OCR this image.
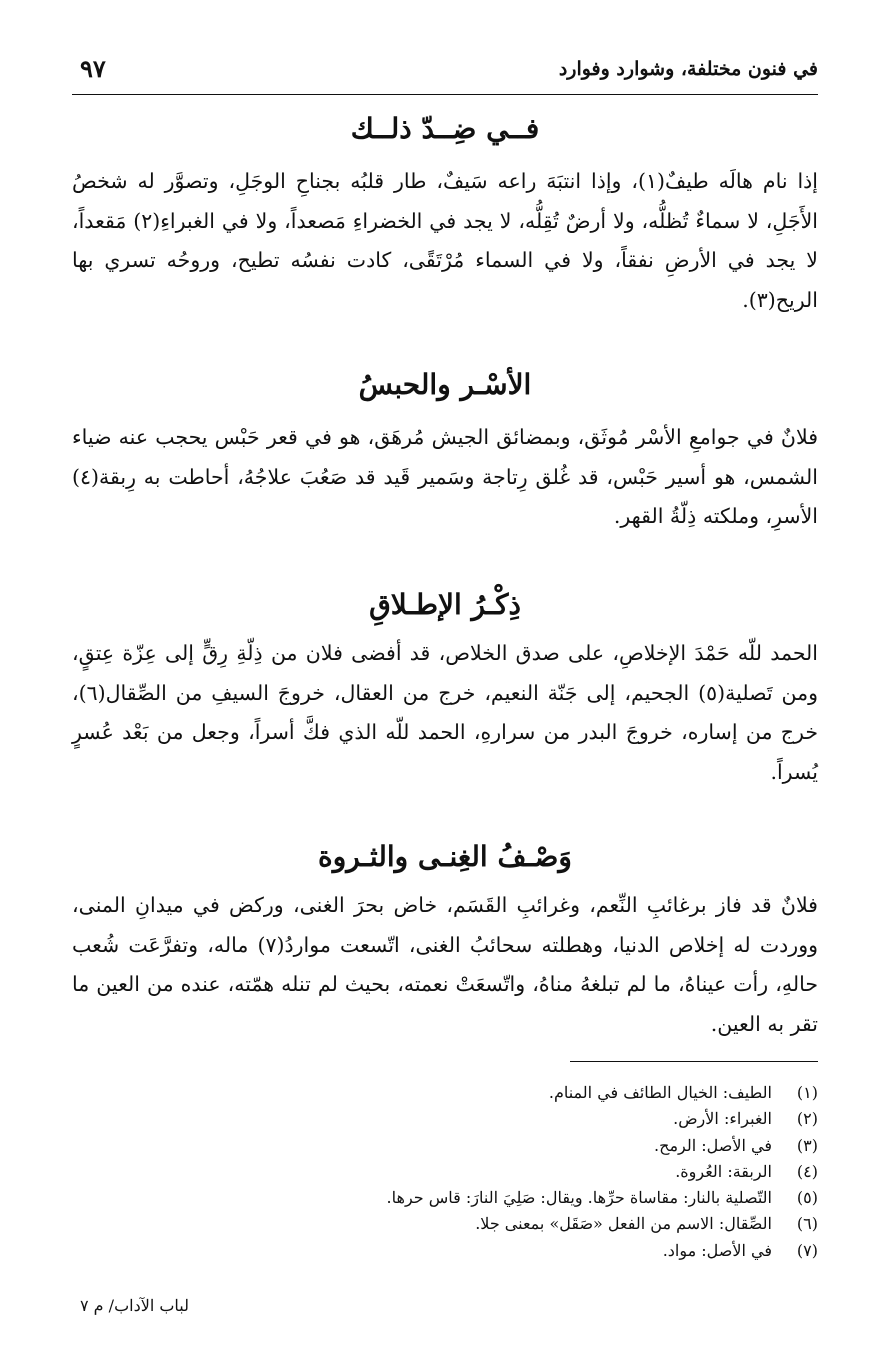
في فنون مختلفة، وشوارد وفوارد
٩٧
فــي ضِــدّ ذلــك

إذا نام هالَه طيفٌ(١)، وإذا انتبَهَ راعه سَيفٌ، طار قلبُه بجناحِ الوجَلِ، وتصوَّر له شخصُ الأَجَلِ، لا سماءٌ تُظلُّه، ولا أرضٌ تُقِلُّه، لا يجد في الخضراءِ مَصعداً، ولا في الغبراءِ(٢) مَقعداً، لا يجد في الأرضِ نفقاً، ولا في السماء مُرْتَقًى، كادت نفسُه تطيح، وروحُه تسري بها الريح(٣).

الأسْـر والحبسُ

فلانٌ في جوامعِ الأسْر مُوثَق، وبمضائق الجيش مُرهَق، هو في قعر حَبْس يحجب عنه ضياء الشمس، هو أسير حَبْس، قد غُلق رِتاجة وسَمير قَيد قد صَعُبَ علاجُهُ، أحاطت به رِبقة(٤) الأسرِ، وملكته ذِلّةُ القهر.

ذِكْـرُ الإطـلاقِ

الحمد للّه حَمْدَ الإخلاصِ، على صدق الخلاص، قد أفضى فلان من ذِلّةِ رِقٍّ إلى عِزّة عِتقٍ، ومن تَصلية(٥) الجحيم، إلى جَنّة النعيم، خرج من العقال، خروجَ السيفِ من الصِّقال(٦)، خرج من إساره، خروجَ البدر من سرارهِ، الحمد للّه الذي فكَّ أسراً، وجعل من بَعْد عُسرٍ يُسراً.

وَصْـفُ الغِنـى والثـروة

فلانٌ قد فاز برغائبِ النِّعم، وغرائبِ القَسَم، خاض بحرَ الغنى، وركض في ميدانِ المنى، ووردت له إخلاص الدنيا، وهطلته سحائبُ الغنى، اتّسعت مواردُ(٧) ماله، وتفرَّعَت شُعب حالهِ، رأت عيناهُ، ما لم تبلغهُ مناهُ، واتّسعَتْ نعمته، بحيث لم تنله همّته، عنده من العين ما تقر به العين.

(١)
الطيف: الخيال الطائف في المنام.
(٢)
الغبراء: الأرض.
(٣)
في الأصل: الرمح.
(٤)
الربقة: العُروة.
(٥)
التّصلية بالنار: مقاساة حرِّها. ويقال: صَلِيَ النارَ: قاس حرها.
(٦)
الصِّقال: الاسم من الفعل «صَقَل» بمعنى جلا.
(٧)
في الأصل: مواد.
لباب الآداب/ م ٧
